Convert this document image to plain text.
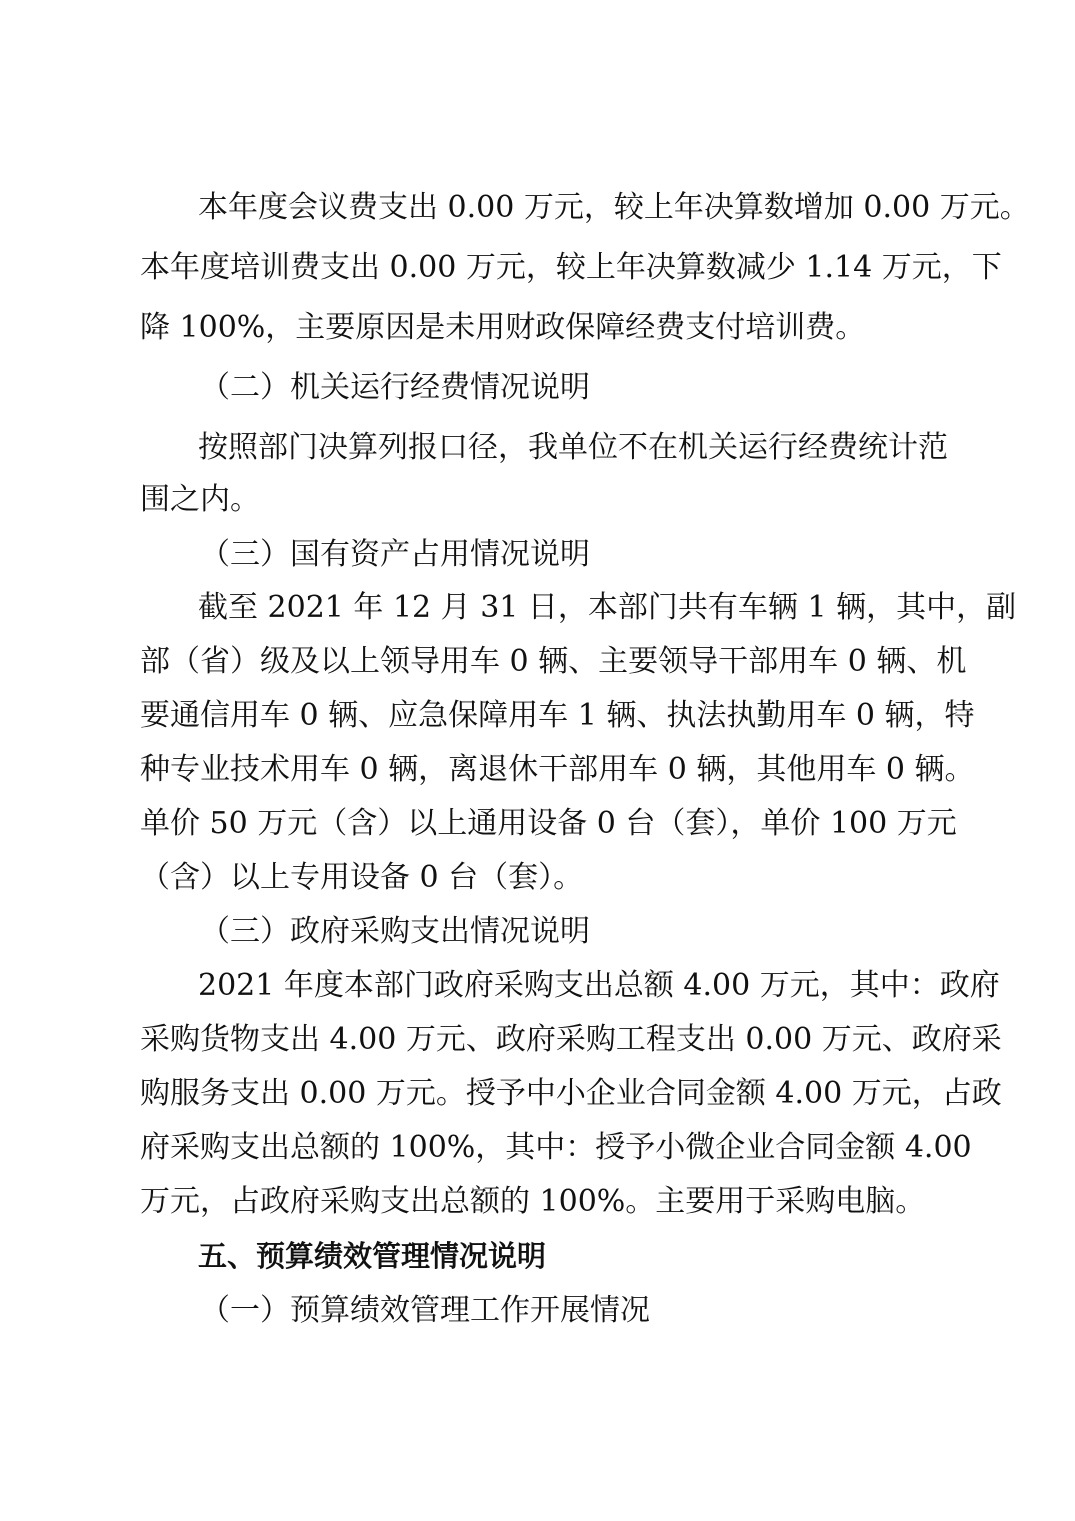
本年度会议费支出 0.00 万元，较上年决算数增加 0.00 万元。
本年度培训费支出 0.00 万元，较上年决算数减少 1.14 万元，下
降 100%，主要原因是未用财政保障经费支付培训费。
（二）机关运行经费情况说明
按照部门决算列报口径，我单位不在机关运行经费统计范
围之内。
（三）国有资产占用情况说明
截至 2021 年 12 月 31 日，本部门共有车辆 1 辆，其中，副
部（省）级及以上领导用车 0 辆、主要领导干部用车 0 辆、机
要通信用车 0 辆、应急保障用车 1 辆、执法执勤用车 0 辆，特
种专业技术用车 0 辆，离退休干部用车 0 辆，其他用车 0 辆。
单价 50 万元（含）以上通用设备 0 台（套），单价 100 万元
（含）以上专用设备 0 台（套）。
（三）政府采购支出情况说明
2021 年度本部门政府采购支出总额 4.00 万元，其中：政府
采购货物支出 4.00 万元、政府采购工程支出 0.00 万元、政府采
购服务支出 0.00 万元。授予中小企业合同金额 4.00 万元，占政
府采购支出总额的 100%，其中：授予小微企业合同金额 4.00
万元，占政府采购支出总额的 100%。主要用于采购电脑。
五、预算绩效管理情况说明
（一）预算绩效管理工作开展情况
